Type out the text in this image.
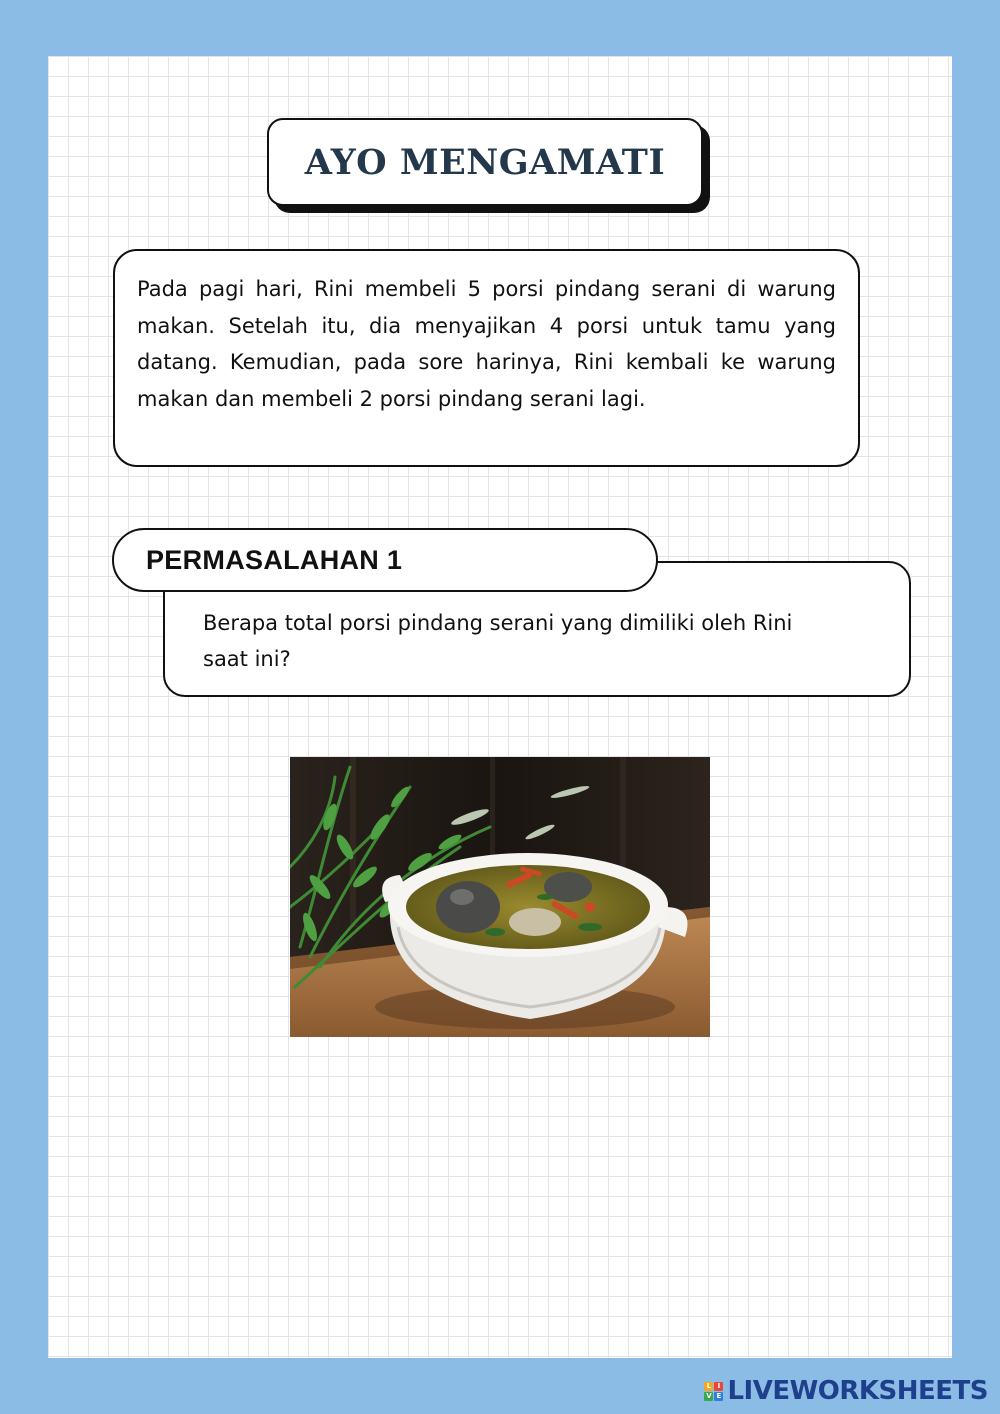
AYO MENGAMATI

Pada pagi hari, Rini membeli 5 porsi pindang serani di warung makan. Setelah itu, dia menyajikan 4 porsi untuk tamu yang datang. Kemudian, pada sore harinya, Rini kembali ke warung makan dan membeli 2 porsi pindang serani lagi.

Berapa total porsi pindang serani yang dimiliki oleh Rini saat ini?

PERMASALAHAN 1
L I
V E LIVEWORKSHEETS
